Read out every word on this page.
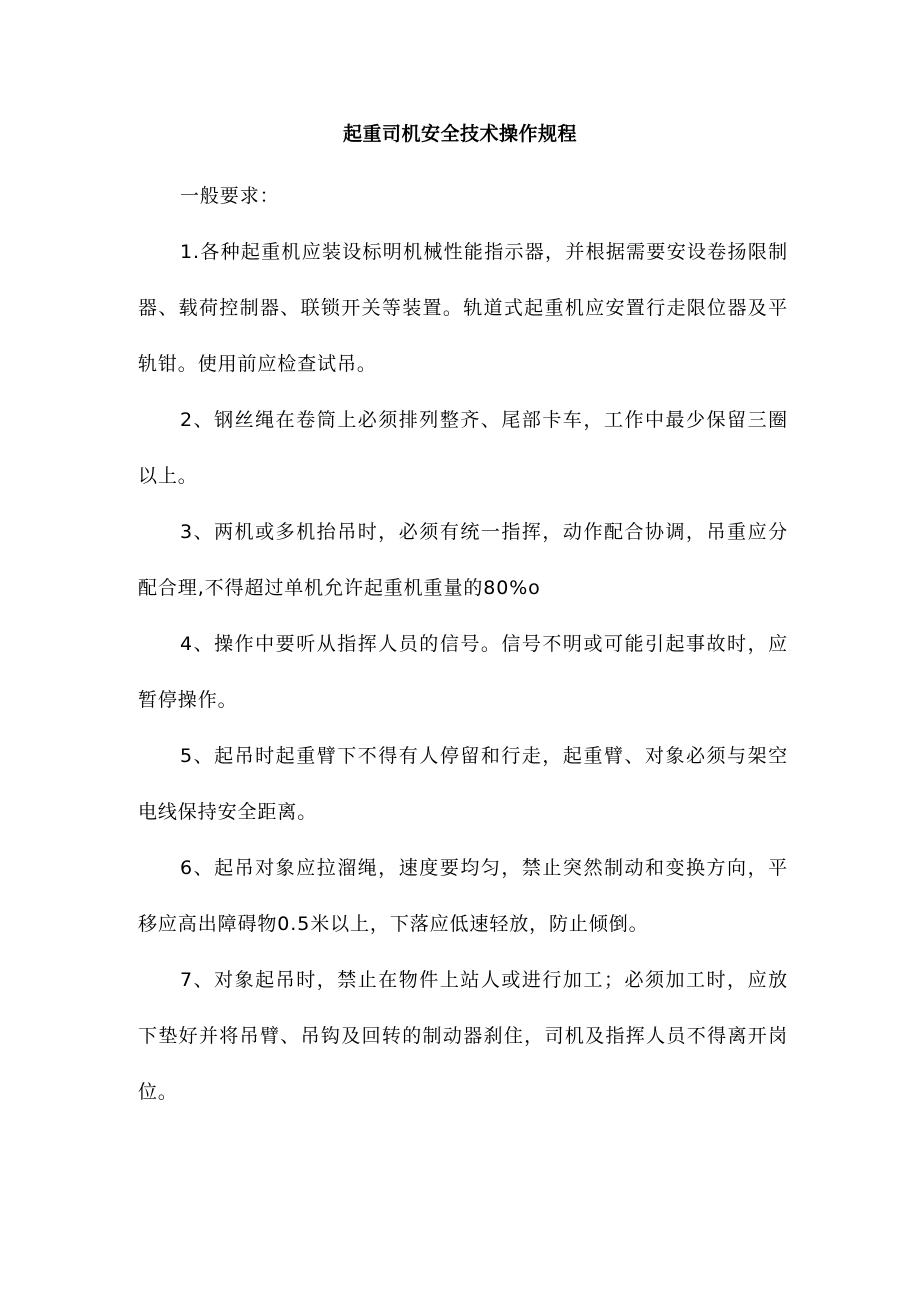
起重司机安全技术操作规程

一般要求：

1.各种起重机应装设标明机械性能指示器，并根据需要安设卷扬限制器、载荷控制器、联锁开关等装置。轨道式起重机应安置行走限位器及平轨钳。使用前应检查试吊。

2、钢丝绳在卷筒上必须排列整齐、尾部卡车，工作中最少保留三圈以上。

3、两机或多机抬吊时，必须有统一指挥，动作配合协调，吊重应分配合理,不得超过单机允许起重机重量的80%o

4、操作中要听从指挥人员的信号。信号不明或可能引起事故时，应暂停操作。

5、起吊时起重臂下不得有人停留和行走，起重臂、对象必须与架空电线保持安全距离。

6、起吊对象应拉溜绳，速度要均匀，禁止突然制动和变换方向，平移应高出障碍物0.5米以上，下落应低速轻放，防止倾倒。

7、对象起吊时，禁止在物件上站人或进行加工；必须加工时，应放下垫好并将吊臂、吊钩及回转的制动器刹住，司机及指挥人员不得离开岗位。
